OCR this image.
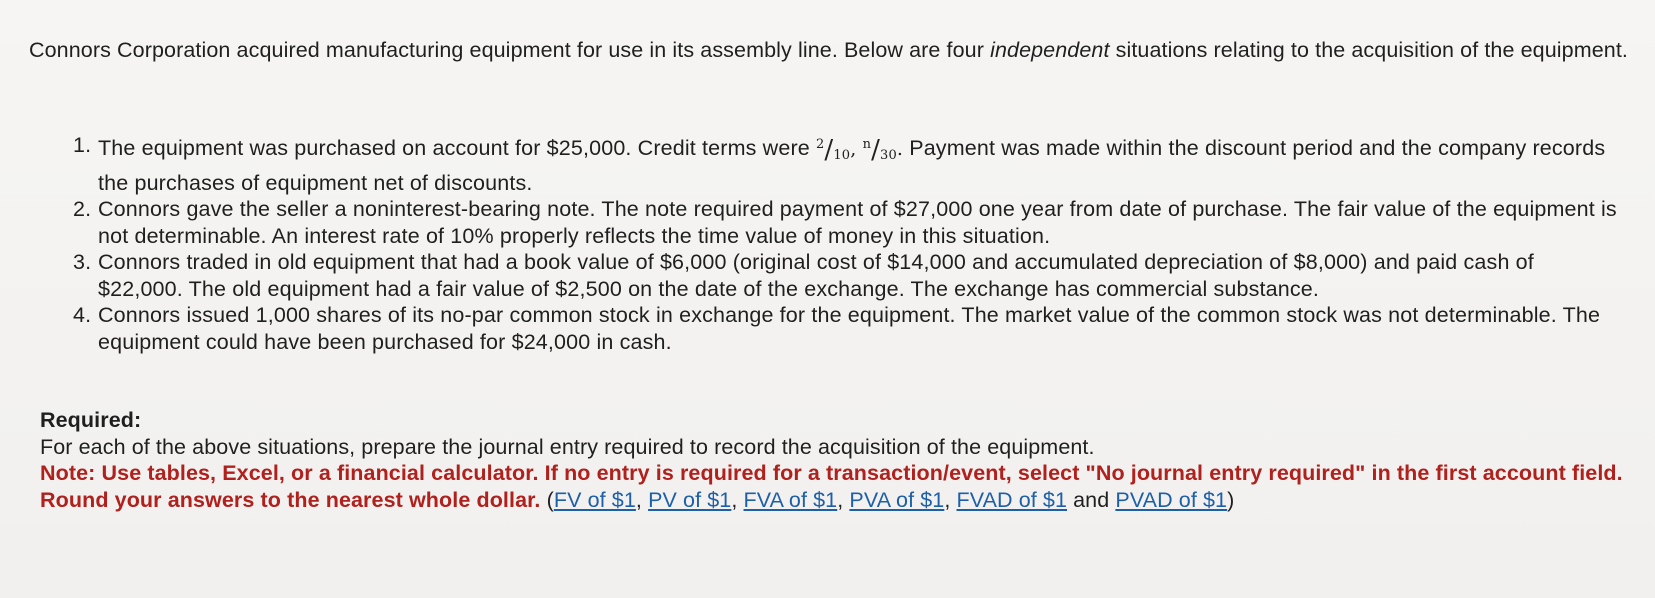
Connors Corporation acquired manufacturing equipment for use in its assembly line. Below are four independent situations relating to the acquisition of the equipment.
1. The equipment was purchased on account for $25,000. Credit terms were $^2/_{10}$, $^n/_{30}$. Payment was made within the discount period and the company records the purchases of equipment net of discounts.
2. Connors gave the seller a noninterest-bearing note. The note required payment of $27,000 one year from date of purchase. The fair value of the equipment is not determinable. An interest rate of 10% properly reflects the time value of money in this situation.
3. Connors traded in old equipment that had a book value of $6,000 (original cost of $14,000 and accumulated depreciation of $8,000) and paid cash of $22,000. The old equipment had a fair value of $2,500 on the date of the exchange. The exchange has commercial substance.
4. Connors issued 1,000 shares of its no-par common stock in exchange for the equipment. The market value of the common stock was not determinable. The equipment could have been purchased for $24,000 in cash.
Required:
For each of the above situations, prepare the journal entry required to record the acquisition of the equipment.
Note: Use tables, Excel, or a financial calculator. If no entry is required for a transaction/event, select "No journal entry required" in the first account field. Round your answers to the nearest whole dollar. (FV of $1, PV of $1, FVA of $1, PVA of $1, FVAD of $1 and PVAD of $1)
